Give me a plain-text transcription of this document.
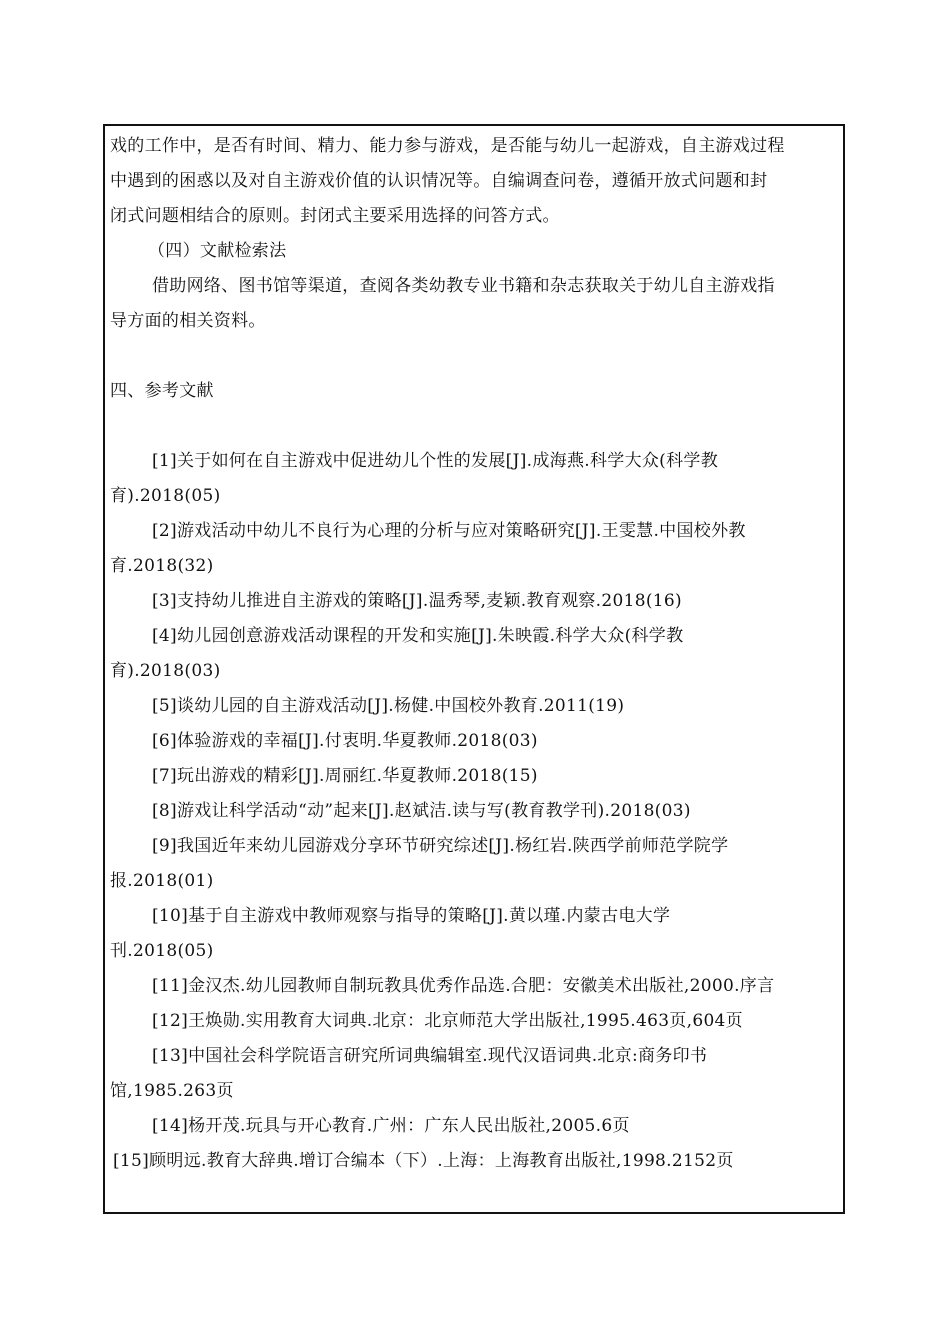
戏的工作中，是否有时间、精力、能力参与游戏，是否能与幼儿一起游戏，自主游戏过程
中遇到的困惑以及对自主游戏价值的认识情况等。自编调查问卷，遵循开放式问题和封
闭式问题相结合的原则。封闭式主要采用选择的问答方式。
（四）文献检索法
借助网络、图书馆等渠道，查阅各类幼教专业书籍和杂志获取关于幼儿自主游戏指
导方面的相关资料。
四、参考文献
[1]关于如何在自主游戏中促进幼儿个性的发展[J].成海燕.科学大众(科学教
育).2018(05)
[2]游戏活动中幼儿不良行为心理的分析与应对策略研究[J].王雯慧.中国校外教
育.2018(32)
[3]支持幼儿推进自主游戏的策略[J].温秀琴,麦颖.教育观察.2018(16)
[4]幼儿园创意游戏活动课程的开发和实施[J].朱映霞.科学大众(科学教
育).2018(03)
[5]谈幼儿园的自主游戏活动[J].杨健.中国校外教育.2011(19)
[6]体验游戏的幸福[J].付衷明.华夏教师.2018(03)
[7]玩出游戏的精彩[J].周丽红.华夏教师.2018(15)
[8]游戏让科学活动“动”起来[J].赵斌洁.读与写(教育教学刊).2018(03)
[9]我国近年来幼儿园游戏分享环节研究综述[J].杨红岩.陕西学前师范学院学
报.2018(01)
[10]基于自主游戏中教师观察与指导的策略[J].黄以瑾.内蒙古电大学
刊.2018(05)
[11]金汉杰.幼儿园教师自制玩教具优秀作品选.合肥：安徽美术出版社,2000.序言
[12]王焕勋.实用教育大词典.北京：北京师范大学出版社,1995.463页,604页
[13]中国社会科学院语言研究所词典编辑室.现代汉语词典.北京:商务印书
馆,1985.263页
[14]杨开茂.玩具与开心教育.广州：广东人民出版社,2005.6页
[15]顾明远.教育大辞典.增订合编本（下）.上海：上海教育出版社,1998.2152页
